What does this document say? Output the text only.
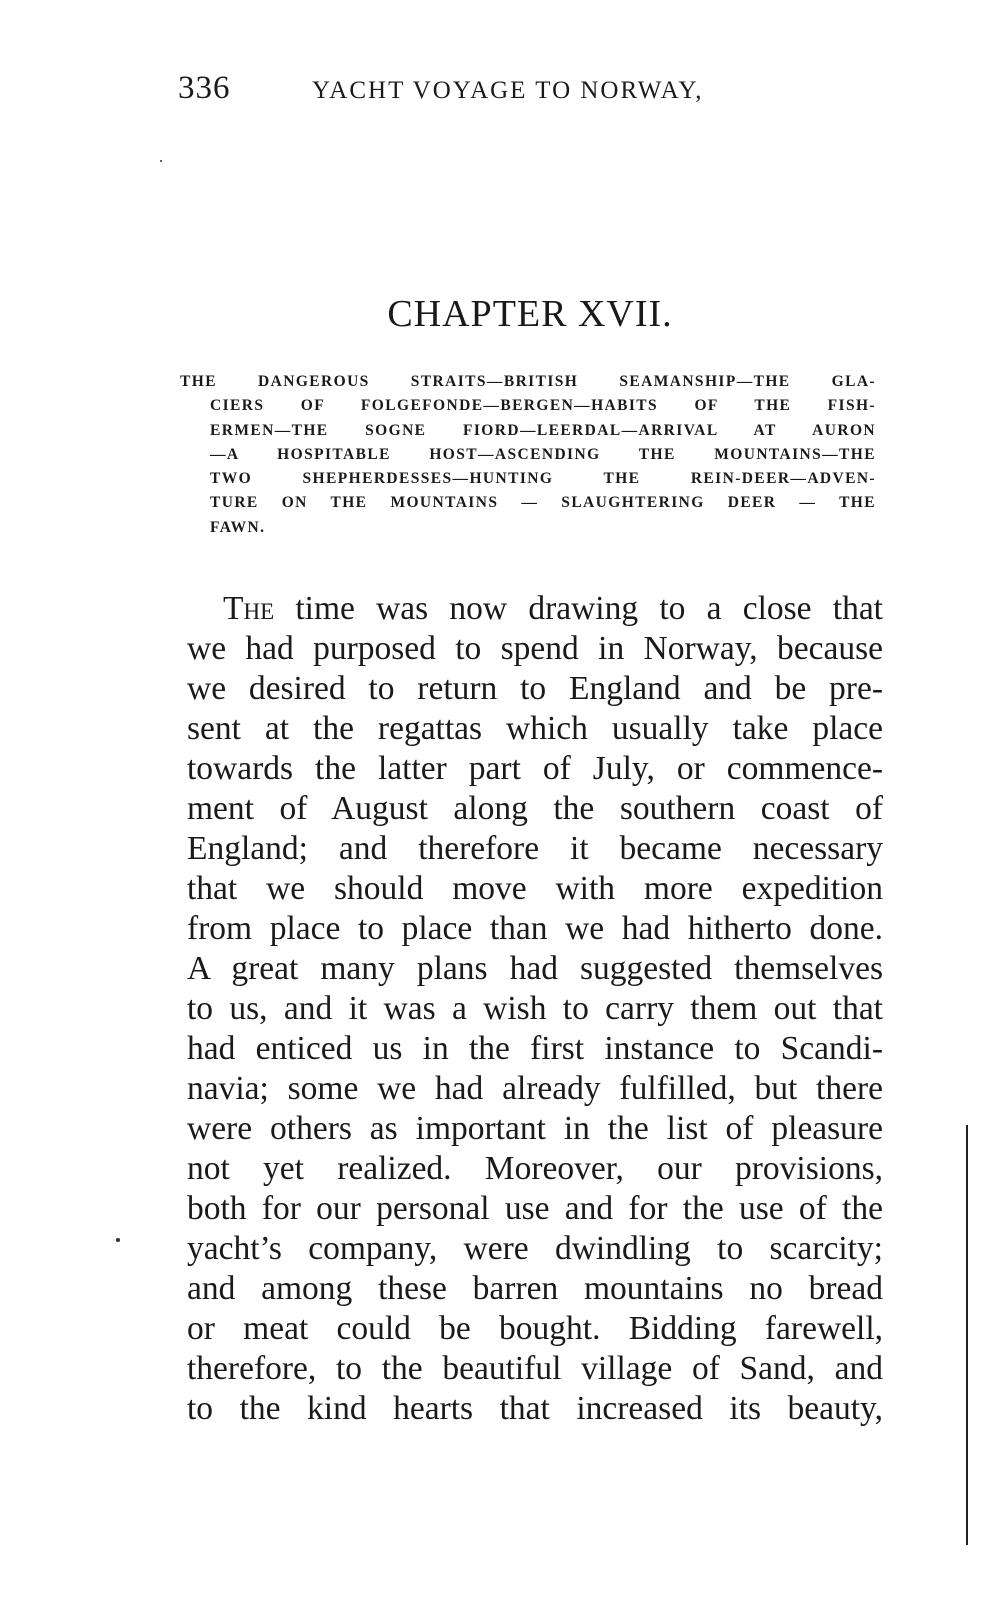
336	YACHT VOYAGE TO NORWAY,
CHAPTER XVII.
THE DANGEROUS STRAITS—BRITISH SEAMANSHIP—THE GLA-
CIERS OF FOLGEFONDE—BERGEN—HABITS OF THE FISH-
ERMEN—THE SOGNE FIORD—LEERDAL—ARRIVAL AT AURON
—A HOSPITABLE HOST—ASCENDING THE MOUNTAINS—THE
TWO SHEPHERDESSES—HUNTING THE REIN-DEER—ADVEN-
TURE ON THE MOUNTAINS — SLAUGHTERING DEER — THE
FAWN.
The time was now drawing to a close that
we had purposed to spend in Norway, because
we desired to return to England and be pre-
sent at the regattas which usually take place
towards the latter part of July, or commence-
ment of August along the southern coast of
England; and therefore it became necessary
that we should move with more expedition
from place to place than we had hitherto done.
A great many plans had suggested themselves
to us, and it was a wish to carry them out that
had enticed us in the first instance to Scandi-
navia; some we had already fulfilled, but there
were others as important in the list of pleasure
not yet realized. Moreover, our provisions,
both for our personal use and for the use of the
yacht’s company, were dwindling to scarcity;
and among these barren mountains no bread
or meat could be bought. Bidding farewell,
therefore, to the beautiful village of Sand, and
to the kind hearts that increased its beauty,
